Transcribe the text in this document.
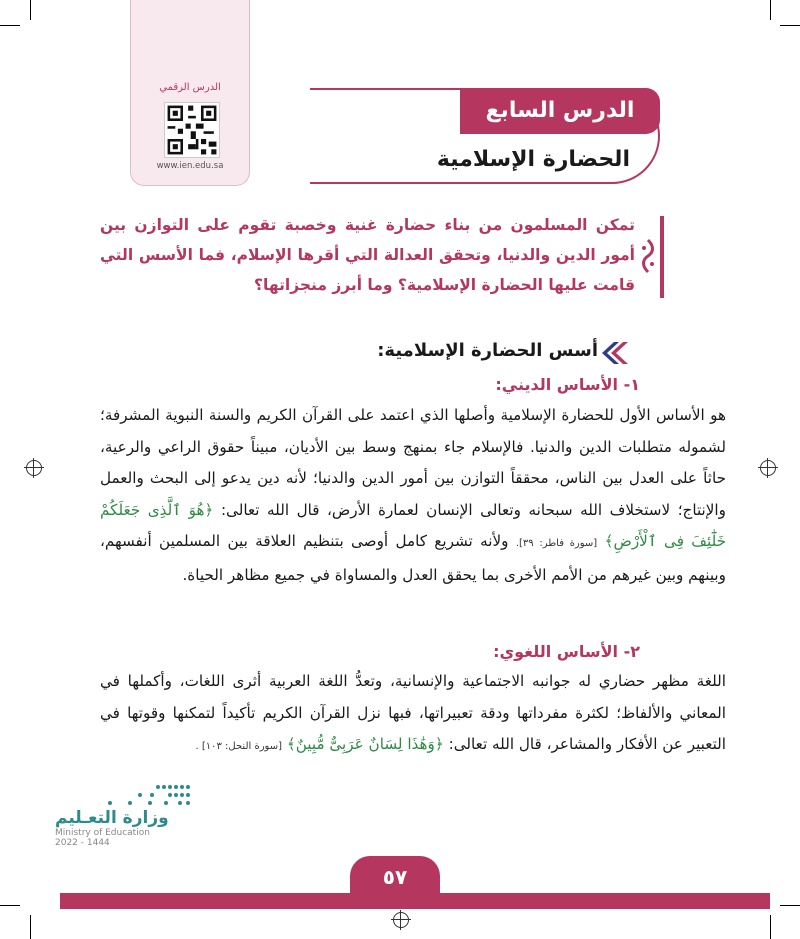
الدرس الرقمي
www.ien.edu.sa
الدرس السابع
الحضارة الإسلامية
تمكن المسلمون من بناء حضارة غنية وخصبة تقوم على التوازن بين أمور الدين والدنيا، وتحقق العدالة التي أقرها الإسلام، فما الأسس التي قامت عليها الحضارة الإسلامية؟ وما أبرز منجزاتها؟
أسس الحضارة الإسلامية:
١- الأساس الديني:
هو الأساس الأول للحضارة الإسلامية وأصلها الذي اعتمد على القرآن الكريم والسنة النبوية المشرفة؛ لشموله متطلبات الدين والدنيا. فالإسلام جاء بمنهج وسط بين الأديان، مبيناً حقوق الراعي والرعية، حاثاً على العدل بين الناس، محققاً التوازن بين أمور الدين والدنيا؛ لأنه دين يدعو إلى البحث والعمل والإنتاج؛ لاستخلاف الله سبحانه وتعالى الإنسان لعمارة الأرض، قال الله تعالى: ﴿هُوَ ٱلَّذِى جَعَلَكُمْ خَلَٰٓئِفَ فِى ٱلْأَرْضِ﴾ [سورة فاطر: ٣٩]. ولأنه تشريع كامل أوصى بتنظيم العلاقة بين المسلمين أنفسهم، وبينهم وبين غيرهم من الأمم الأخرى بما يحقق العدل والمساواة في جميع مظاهر الحياة.
٢- الأساس اللغوي:
اللغة مظهر حضاري له جوانبه الاجتماعية والإنسانية، وتعدُّ اللغة العربية أثرى اللغات، وأكملها في المعاني والألفاظ؛ لكثرة مفرداتها ودقة تعبيراتها، فبها نزل القرآن الكريم تأكيداً لتمكنها وقوتها في التعبير عن الأفكار والمشاعر، قال الله تعالى: ﴿وَهَٰذَا لِسَانٌ عَرَبِىٌّ مُّبِينٌ﴾ [سورة النحل: ١٠٣] .
وزارة التعـليم
Ministry of Education
2022 - 1444
٥٧
